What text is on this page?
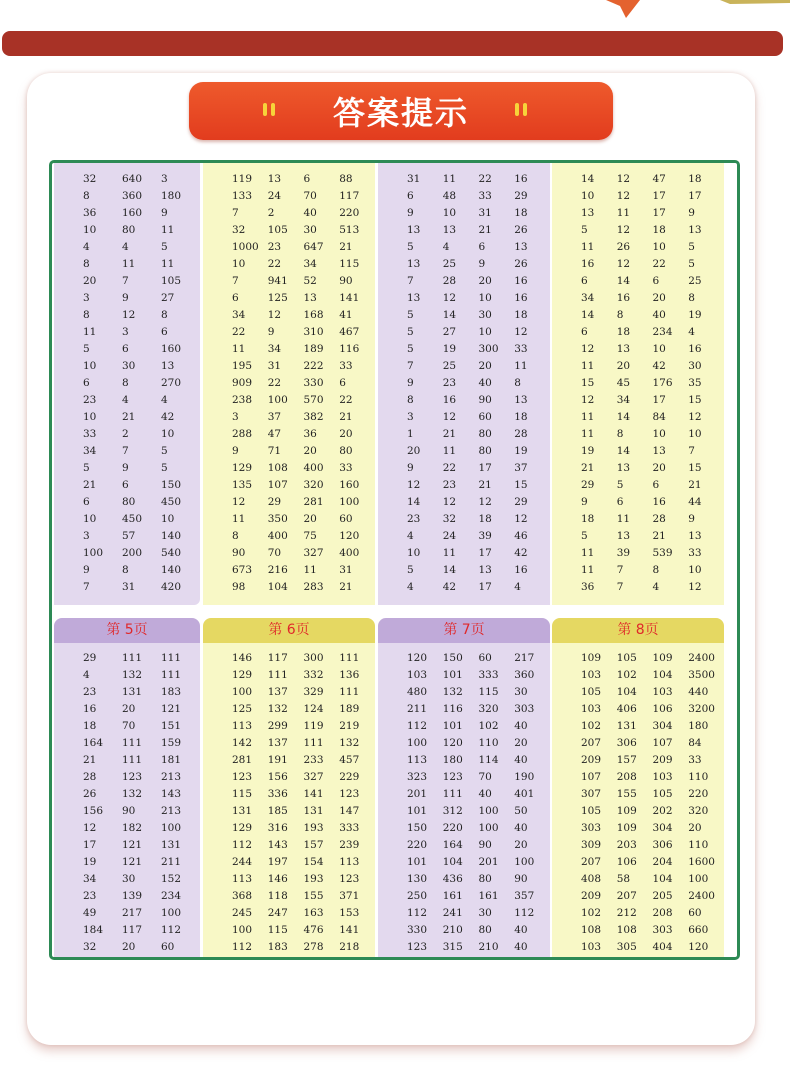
答案提示
32	640	3
8	360	180
36	160	9
10	80	11
4	4	5
8	11	11
20	7	105
3	9	27
8	12	8
11	3	6
5	6	160
10	30	13
6	8	270
23	4	4
10	21	42
33	2	10
34	7	5
5	9	5
21	6	150
6	80	450
10	450	10
3	57	140
100	200	540
9	8	140
7	31	420
119	13	6	88
133	24	70	117
7	2	40	220
32	105	30	513
1000 23	647	21
10	22	34	115
7	941	52	90
6	125	13	141
34	12	168	41
22	9	310	467
11	34	189	116
195	31	222	33
909	22	330	6
238	100	570	22
3	37	382	21
288	47	36	20
9	71	20	80
129	108	400	33
135	107	320	160
12	29	281	100
11	350	20	60
8	400	75	120
90	70	327	400
673	216	11	31
98	104	283	21
31	11	22	16
6	48	33	29
9	10	31	18
13	13	21	26
5	4	6	13
13	25	9	26
7	28	20	16
13	12	10	16
5	14	30	18
5	27	10	12
5	19	300	33
7	25	20	11
9	23	40	8
8	16	90	13
3	12	60	18
1	21	80	28
20	11	80	19
9	22	17	37
12	23	21	15
14	12	12	29
23	32	18	12
4	24	39	46
10	11	17	42
5	14	13	16
4	42	17	4
14	12	47	18
10	12	17	17
13	11	17	9
5	12	18	13
11	26	10	5
16	12	22	5
6	14	6	25
34	16	20	8
14	8	40	19
6	18	234	4
12	13	10	16
11	20	42	30
15	45	176	35
12	34	17	15
11	14	84	12
11	8	10	10
19	14	13	7
21	13	20	15
29	5	6	21
9	6	16	44
18	11	28	9
5	13	21	13
11	39	539	33
11	7	8	10
36	7	4	12
第 5页
29	111	111
4	132	111
23	131	183
16	20	121
18	70	151
164	111	159
21	111	181
28	123	213
26	132	143
156	90	213
12	182	100
17	121	131
19	121	211
34	30	152
23	139	234
49	217	100
184	117	112
32	20	60
第 6页
146	117	300	111
129	111	332	136
100	137	329	111
125	132	124	189
113	299	119	219
142	137	111	132
281	191	233	457
123	156	327	229
115	336	141	123
131	185	131	147
129	316	193	333
112	143	157	239
244	197	154	113
113	146	193	123
368	118	155	371
245	247	163	153
100	115	476	141
112	183	278	218
第 7页
120	150	60	217
103	101	333	360
480	132	115	30
211	116	320	303
112	101	102	40
100	120	110	20
113	180	114	40
323	123	70	190
201	111	40	401
101	312	100	50
150	220	100	40
220	164	90	20
101	104	201	100
130	436	80	90
250	161	161	357
112	241	30	112
330	210	80	40
123	315	210	40
第 8页
109	105	109	2400
103	102	104	3500
105	104	103	440
103	406	106	3200
102	131	304	180
207	306	107	84
209	157	209	33
107	208	103	110
307	155	105	220
105	109	202	320
303	109	304	20
309	203	306	110
207	106	204	1600
408	58	104	100
209	207	205	2400
102	212	208	60
108	108	303	660
103	305	404	120
